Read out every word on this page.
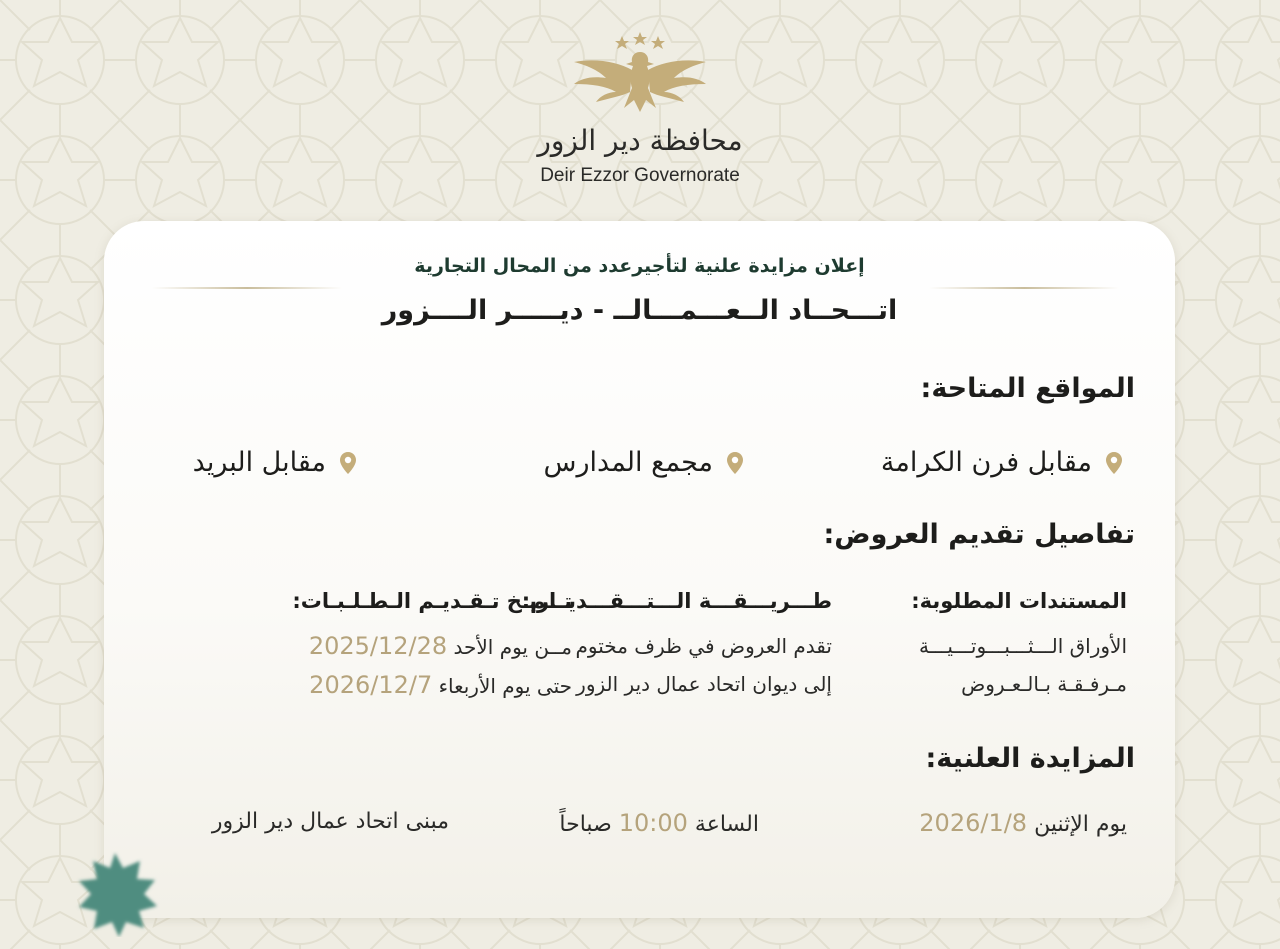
محافظة دير الزور
Deir Ezzor Governorate
إعلان مزايدة علنية لتأجيرعدد من المحال التجارية
اتـــحــاد الــعـــمـــالــ - ديـــــر الــــزور
المواقع المتاحة:
مقابل فرن الكرامة
مجمع المدارس
مقابل البريد
تفاصيل تقديم العروض:
المستندات المطلوبة:
الأوراق الـــثـــبـــوتـــيـــة
مـرفـقـة بـالـعـروض
طـــريـــقـــة الـــتـــقـــديـــم:
تقدم العروض في ظرف مختوم
إلى ديوان اتحاد عمال دير الزور
تـاريـخ تـقـديـم الـطـلـبـات:
مــن يوم الأحد 2025/12/28
حتى يوم الأربعاء 2026/12/7
المزايدة العلنية:
يوم الإثنين 2026/1/8
الساعة 10:00 صباحاً
مبنى اتحاد عمال دير الزور
